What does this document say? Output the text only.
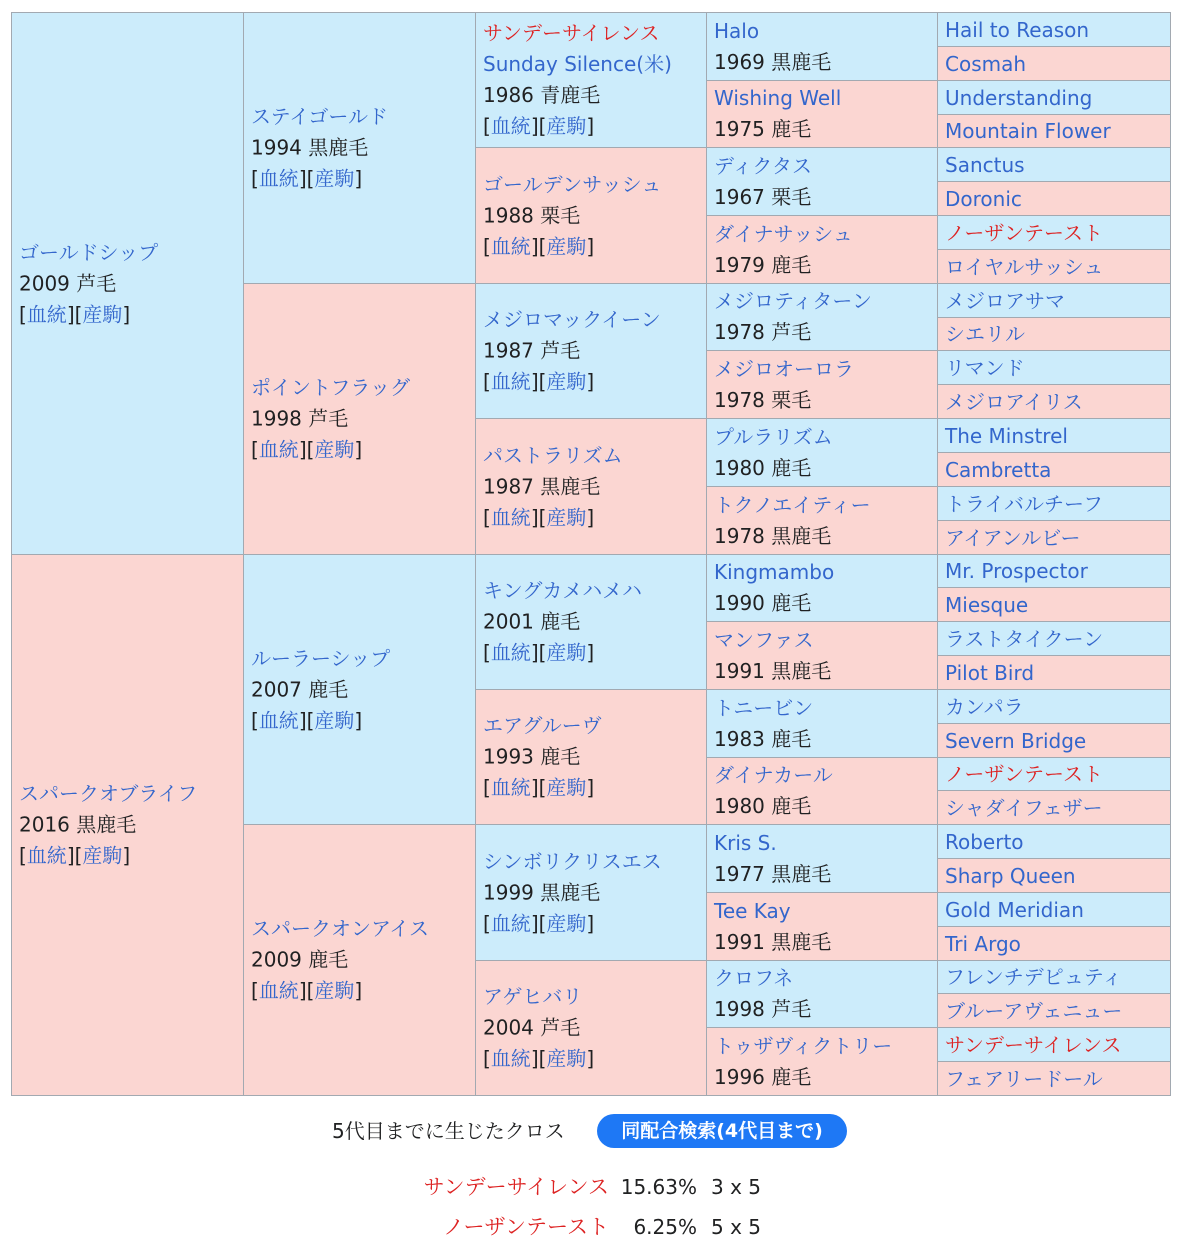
ゴールドシップ
2009 芦毛
[血統][産駒]
スパークオブライフ
2016 黒鹿毛
[血統][産駒]
ステイゴールド
1994 黒鹿毛
[血統][産駒]
ポイントフラッグ
1998 芦毛
[血統][産駒]
ルーラーシップ
2007 鹿毛
[血統][産駒]
スパークオンアイス
2009 鹿毛
[血統][産駒]
サンデーサイレンス
Sunday Silence(米)
1986 青鹿毛
[血統][産駒]
ゴールデンサッシュ
1988 栗毛
[血統][産駒]
メジロマックイーン
1987 芦毛
[血統][産駒]
パストラリズム
1987 黒鹿毛
[血統][産駒]
キングカメハメハ
2001 鹿毛
[血統][産駒]
エアグルーヴ
1993 鹿毛
[血統][産駒]
シンボリクリスエス
1999 黒鹿毛
[血統][産駒]
アゲヒバリ
2004 芦毛
[血統][産駒]
Halo
1969 黒鹿毛
Wishing Well
1975 鹿毛
ディクタス
1967 栗毛
ダイナサッシュ
1979 鹿毛
メジロティターン
1978 芦毛
メジロオーロラ
1978 栗毛
プルラリズム
1980 鹿毛
トクノエイティー
1978 黒鹿毛
Kingmambo
1990 鹿毛
マンファス
1991 黒鹿毛
トニービン
1983 鹿毛
ダイナカール
1980 鹿毛
Kris S.
1977 黒鹿毛
Tee Kay
1991 黒鹿毛
クロフネ
1998 芦毛
トゥザヴィクトリー
1996 鹿毛
Hail to Reason
Cosmah
Understanding
Mountain Flower
Sanctus
Doronic
ノーザンテースト
ロイヤルサッシュ
メジロアサマ
シエリル
リマンド
メジロアイリス
The Minstrel
Cambretta
トライバルチーフ
アイアンルビー
Mr. Prospector
Miesque
ラストタイクーン
Pilot Bird
カンパラ
Severn Bridge
ノーザンテースト
シャダイフェザー
Roberto
Sharp Queen
Gold Meridian
Tri Argo
フレンチデピュティ
ブルーアヴェニュー
サンデーサイレンス
フェアリードール
5代目までに生じたクロス	同配合検索(4代目まで)
サンデーサイレンス 15.63% 3 x 5
ノーザンテースト 6.25% 5 x 5
